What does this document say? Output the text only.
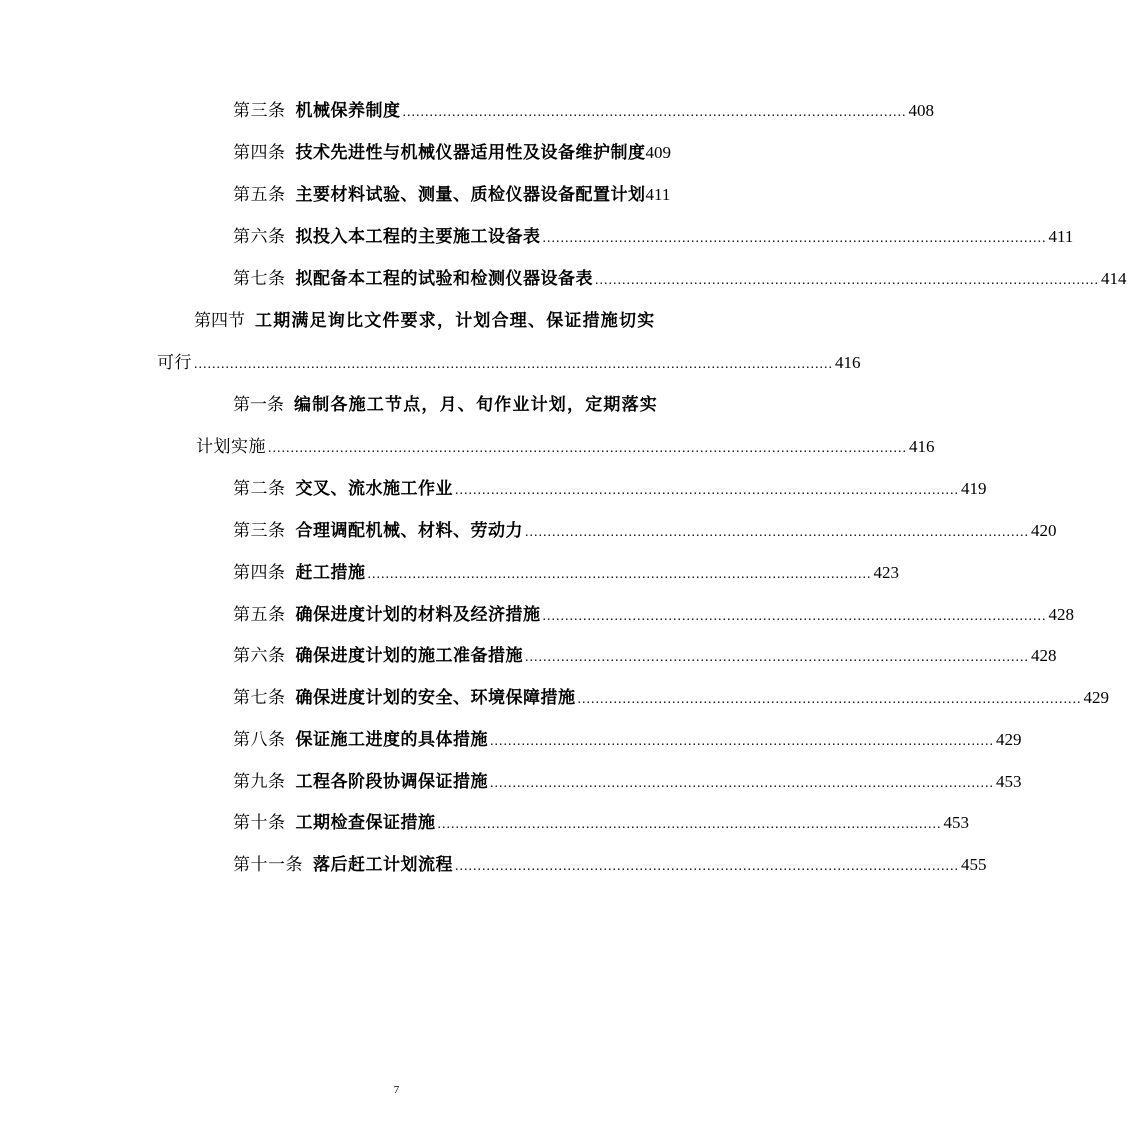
第三条 机械保养制度 ................................................................................................................ 408
第四条 技术先进性与机械仪器适用性及设备维护制度 409
第五条 主要材料试验、测量、质检仪器设备配置计划 411
第六条 拟投入本工程的主要施工设备表 ................................................................................................................ 411
第七条 拟配备本工程的试验和检测仪器设备表 ................................................................................................................ 414
第四节 工期满足询比文件要求，计划合理、保证措施切实
可行 .............................................................................................................................................. 416
第一条 编制各施工节点，月、旬作业计划，定期落实
计划实施 .............................................................................................................................................. 416
第二条 交叉、流水施工作业 ................................................................................................................ 419
第三条 合理调配机械、材料、劳动力 ................................................................................................................ 420
第四条 赶工措施 ................................................................................................................ 423
第五条 确保进度计划的材料及经济措施 ................................................................................................................ 428
第六条 确保进度计划的施工准备措施 ................................................................................................................ 428
第七条 确保进度计划的安全、环境保障措施 ................................................................................................................ 429
第八条 保证施工进度的具体措施 ................................................................................................................ 429
第九条 工程各阶段协调保证措施 ................................................................................................................ 453
第十条 工期检查保证措施 ................................................................................................................ 453
第十一条 落后赶工计划流程 ................................................................................................................ 455
7
